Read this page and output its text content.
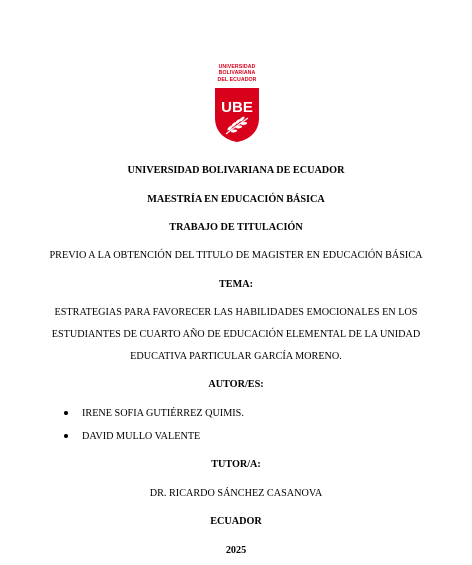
UNIVERSIDAD
BOLIVARIANA
DEL ECUADOR
UBE
UNIVERSIDAD BOLIVARIANA DE ECUADOR
MAESTRÍA EN EDUCACIÓN BÁSICA
TRABAJO DE TITULACIÓN
PREVIO A LA OBTENCIÓN DEL TITULO DE MAGISTER EN EDUCACIÓN BÁSICA
TEMA:
ESTRATEGIAS PARA FAVORECER LAS HABILIDADES EMOCIONALES EN LOS
ESTUDIANTES DE CUARTO AÑO DE EDUCACIÓN ELEMENTAL DE LA UNIDAD
EDUCATIVA PARTICULAR GARCÍA MORENO.
AUTOR/ES:
IRENE SOFIA GUTIÉRREZ QUIMIS.
DAVID MULLO VALENTE
TUTOR/A:
DR. RICARDO SÁNCHEZ CASANOVA
ECUADOR
2025
